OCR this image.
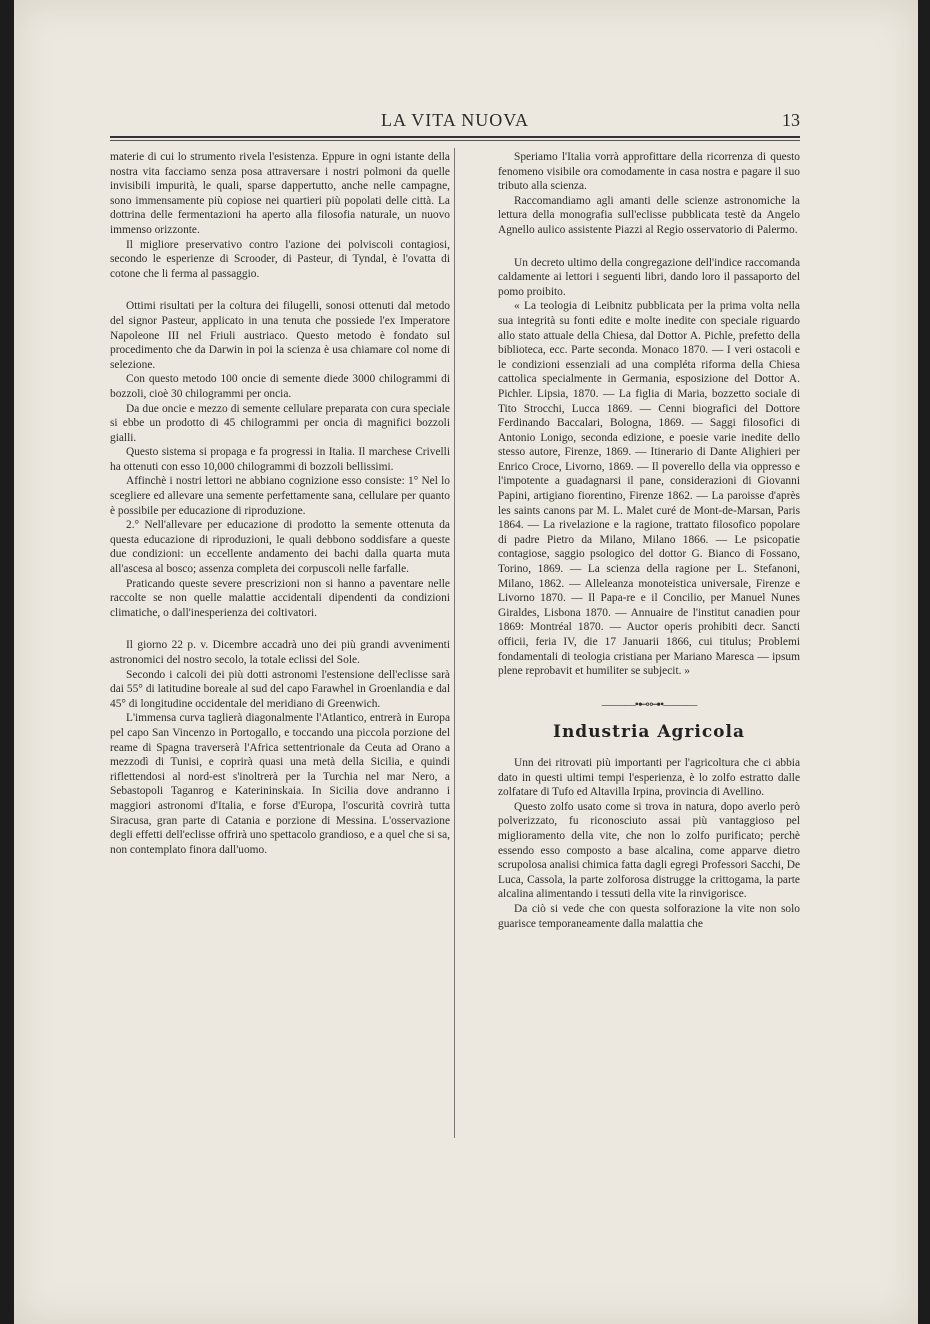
LA VITA NUOVA	13

materie di cui lo strumento rivela l'esistenza. Eppure in ogni istante della nostra vita facciamo senza posa attraversare i nostri polmoni da quelle invisibili impurità, le quali, sparse dappertutto, anche nelle campagne, sono immensamente più copiose nei quartieri più popolati delle città. La dottrina delle fermentazioni ha aperto alla filosofia naturale, un nuovo immenso orizzonte.

Il migliore preservativo contro l'azione dei polviscoli contagiosi, secondo le esperienze di Scrooder, di Pasteur, di Tyndal, è l'ovatta di cotone che li ferma al passaggio.

Ottimi risultati per la coltura dei filugelli, sonosi ottenuti dal metodo del signor Pasteur, applicato in una tenuta che possiede l'ex Imperatore Napoleone III nel Friuli austriaco. Questo metodo è fondato sul procedimento che da Darwin in poi la scienza è usa chiamare col nome di selezione.

Con questo metodo 100 oncie di semente diede 3000 chilogrammi di bozzoli, cioè 30 chilogrammi per oncia.

Da due oncie e mezzo di semente cellulare preparata con cura speciale si ebbe un prodotto di 45 chilogrammi per oncia di magnifici bozzoli gialli.

Questo sistema si propaga e fa progressi in Italia. Il marchese Crivelli ha ottenuti con esso 10,000 chilogrammi di bozzoli bellissimi.

Affinchè i nostri lettori ne abbiano cognizione esso consiste: 1° Nel lo scegliere ed allevare una semente perfettamente sana, cellulare per quanto è possibile per educazione di riproduzione.

2.° Nell'allevare per educazione di prodotto la semente ottenuta da questa educazione di riproduzioni, le quali debbono soddisfare a queste due condizioni: un eccellente andamento dei bachi dalla quarta muta all'ascesa al bosco; assenza completa dei corpuscoli nelle farfalle.

Praticando queste severe prescrizioni non si hanno a paventare nelle raccolte se non quelle malattie accidentali dipendenti da condizioni climatiche, o dall'inesperienza dei coltivatori.

Il giorno 22 p. v. Dicembre accadrà uno dei più grandi avvenimenti astronomici del nostro secolo, la totale eclissi del Sole.

Secondo i calcoli dei più dotti astronomi l'estensione dell'eclisse sarà dai 55° di latitudine boreale al sud del capo Farawhel in Groenlandia e dal 45° di longitudine occidentale del meridiano di Greenwich.

L'immensa curva taglierà diagonalmente l'Atlantico, entrerà in Europa pel capo San Vincenzo in Portogallo, e toccando una piccola porzione del reame di Spagna traverserà l'Africa settentrionale da Ceuta ad Orano a mezzodì di Tunisi, e coprirà quasi una metà della Sicilia, e quindi riflettendosi al nord-est s'inoltrerà per la Turchia nel mar Nero, a Sebastopoli Taganrog e Katerininskaia. In Sicilia dove andranno i maggiori astronomi d'Italia, e forse d'Europa, l'oscurità covrirà tutta Siracusa, gran parte di Catania e porzione di Messina. L'osservazione degli effetti dell'eclisse offrirà uno spettacolo grandioso, e a quel che si sa, non contemplato finora dall'uomo.

Speriamo l'Italia vorrà approfittare della ricorrenza di questo fenomeno visibile ora comodamente in casa nostra e pagare il suo tributo alla scienza.

Raccomandiamo agli amanti delle scienze astronomiche la lettura della monografia sull'eclisse pubblicata testè da Angelo Agnello aulico assistente Piazzi al Regio osservatorio di Palermo.

Un decreto ultimo della congregazione dell'indice raccomanda caldamente ai lettori i seguenti libri, dando loro il passaporto del pomo proibito.

« La teologia di Leibnitz pubblicata per la prima volta nella sua integrità su fonti edite e molte inedite con speciale riguardo allo stato attuale della Chiesa, dal Dottor A. Pichle, prefetto della biblioteca, ecc. Parte seconda. Monaco 1870. — I veri ostacoli e le condizioni essenziali ad una compléta riforma della Chiesa cattolica specialmente in Germania, esposizione del Dottor A. Pichler. Lipsia, 1870. — La figlia di Maria, bozzetto sociale di Tito Strocchi, Lucca 1869. — Cenni biografici del Dottore Ferdinando Baccalari, Bologna, 1869. — Saggi filosofici di Antonio Lonigo, seconda edizione, e poesie varie inedite dello stesso autore, Firenze, 1869. — Itinerario di Dante Alighieri per Enrico Croce, Livorno, 1869. — Il poverello della via oppresso e l'impotente a guadagnarsi il pane, considerazioni di Giovanni Papini, artigiano fiorentino, Firenze 1862. — La paroisse d'après les saints canons par M. L. Malet curé de Mont-de-Marsan, Paris 1864. — La rivelazione e la ragione, trattato filosofico popolare di padre Pietro da Milano, Milano 1866. — Le psicopatie contagiose, saggio psologico del dottor G. Bianco di Fossano, Torino, 1869. — La scienza della ragione per L. Stefanoni, Milano, 1862. — Alleleanza monoteistica universale, Firenze e Livorno 1870. — Il Papa-re e il Concilio, per Manuel Nunes Giraldes, Lisbona 1870. — Annuaire de l'institut canadien pour 1869: Montréal 1870. — Auctor operis prohibiti decr. Sancti officii, feria IV, die 17 Januarii 1866, cui titulus; Problemi fondamentali di teologia cristiana per Mariano Maresca — ipsum plene reprobavit et humiliter se subjecit. »

———•⊷⊶•———
Industria Agricola

Unn dei ritrovati più importanti per l'agricoltura che ci abbia dato in questi ultimi tempi l'esperienza, è lo zolfo estratto dalle zolfatare di Tufo ed Altavilla Irpina, provincia di Avellino.

Questo zolfo usato come si trova in natura, dopo averlo però polverizzato, fu riconosciuto assai più vantaggioso pel miglioramento della vite, che non lo zolfo purificato; perchè essendo esso composto a base alcalina, come apparve dietro scrupolosa analisi chimica fatta dagli egregi Professori Sacchi, De Luca, Cassola, la parte zolforosa distrugge la crittogama, la parte alcalina alimentando i tessuti della vite la rinvigorisce.

Da ciò si vede che con questa solforazione la vite non solo guarisce temporaneamente dalla malattia che
